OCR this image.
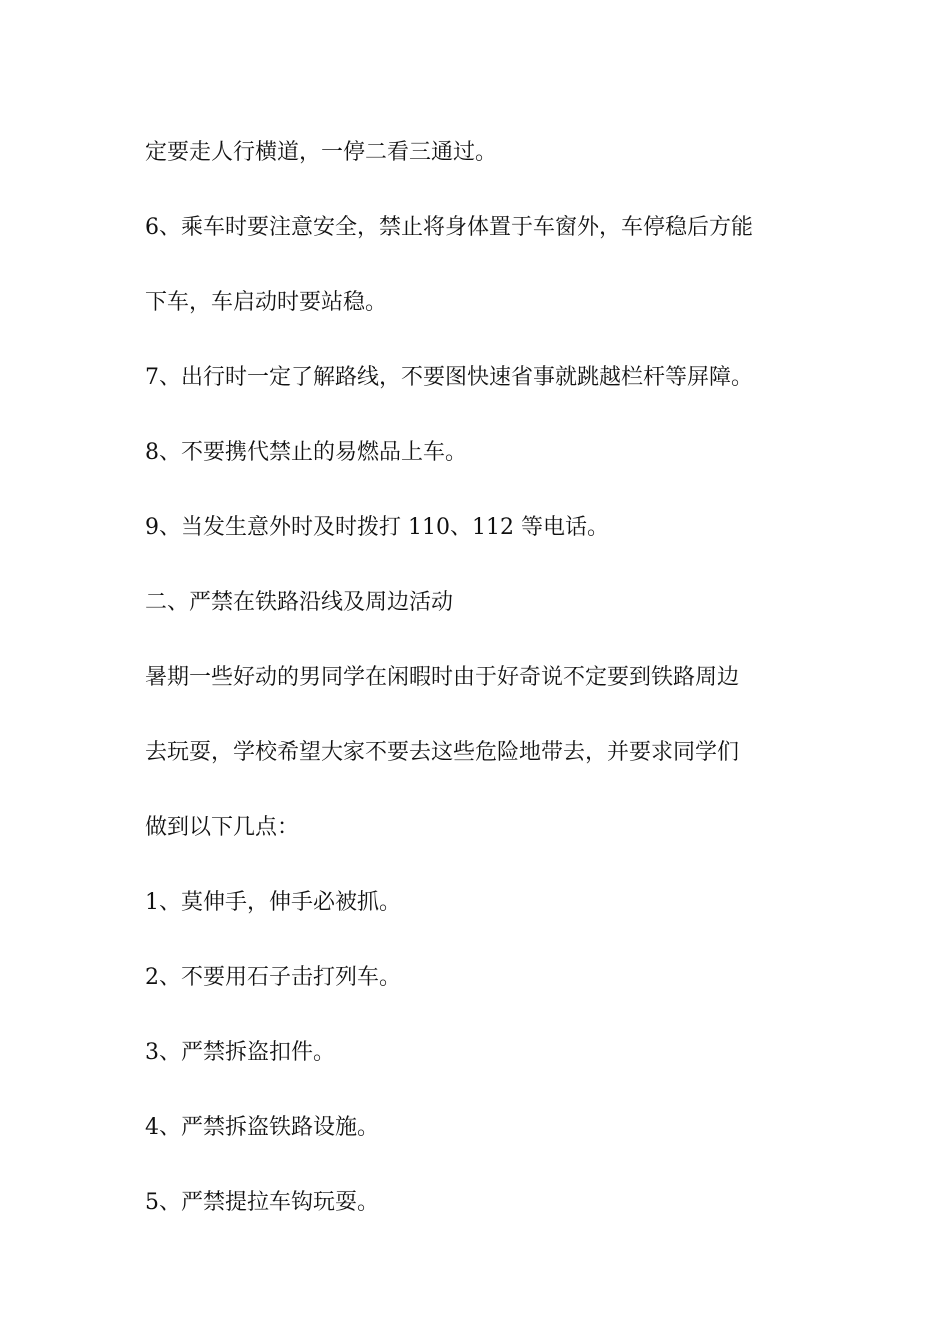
定要走人行横道，一停二看三通过。
6、乘车时要注意安全，禁止将身体置于车窗外，车停稳后方能
下车，车启动时要站稳。
7、出行时一定了解路线，不要图快速省事就跳越栏杆等屏障。
8、不要携代禁止的易燃品上车。
9、当发生意外时及时拨打 110、112 等电话。
二、严禁在铁路沿线及周边活动
暑期一些好动的男同学在闲暇时由于好奇说不定要到铁路周边
去玩耍，学校希望大家不要去这些危险地带去，并要求同学们
做到以下几点：
1、莫伸手，伸手必被抓。
2、不要用石子击打列车。
3、严禁拆盗扣件。
4、严禁拆盗铁路设施。
5、严禁提拉车钩玩耍。
